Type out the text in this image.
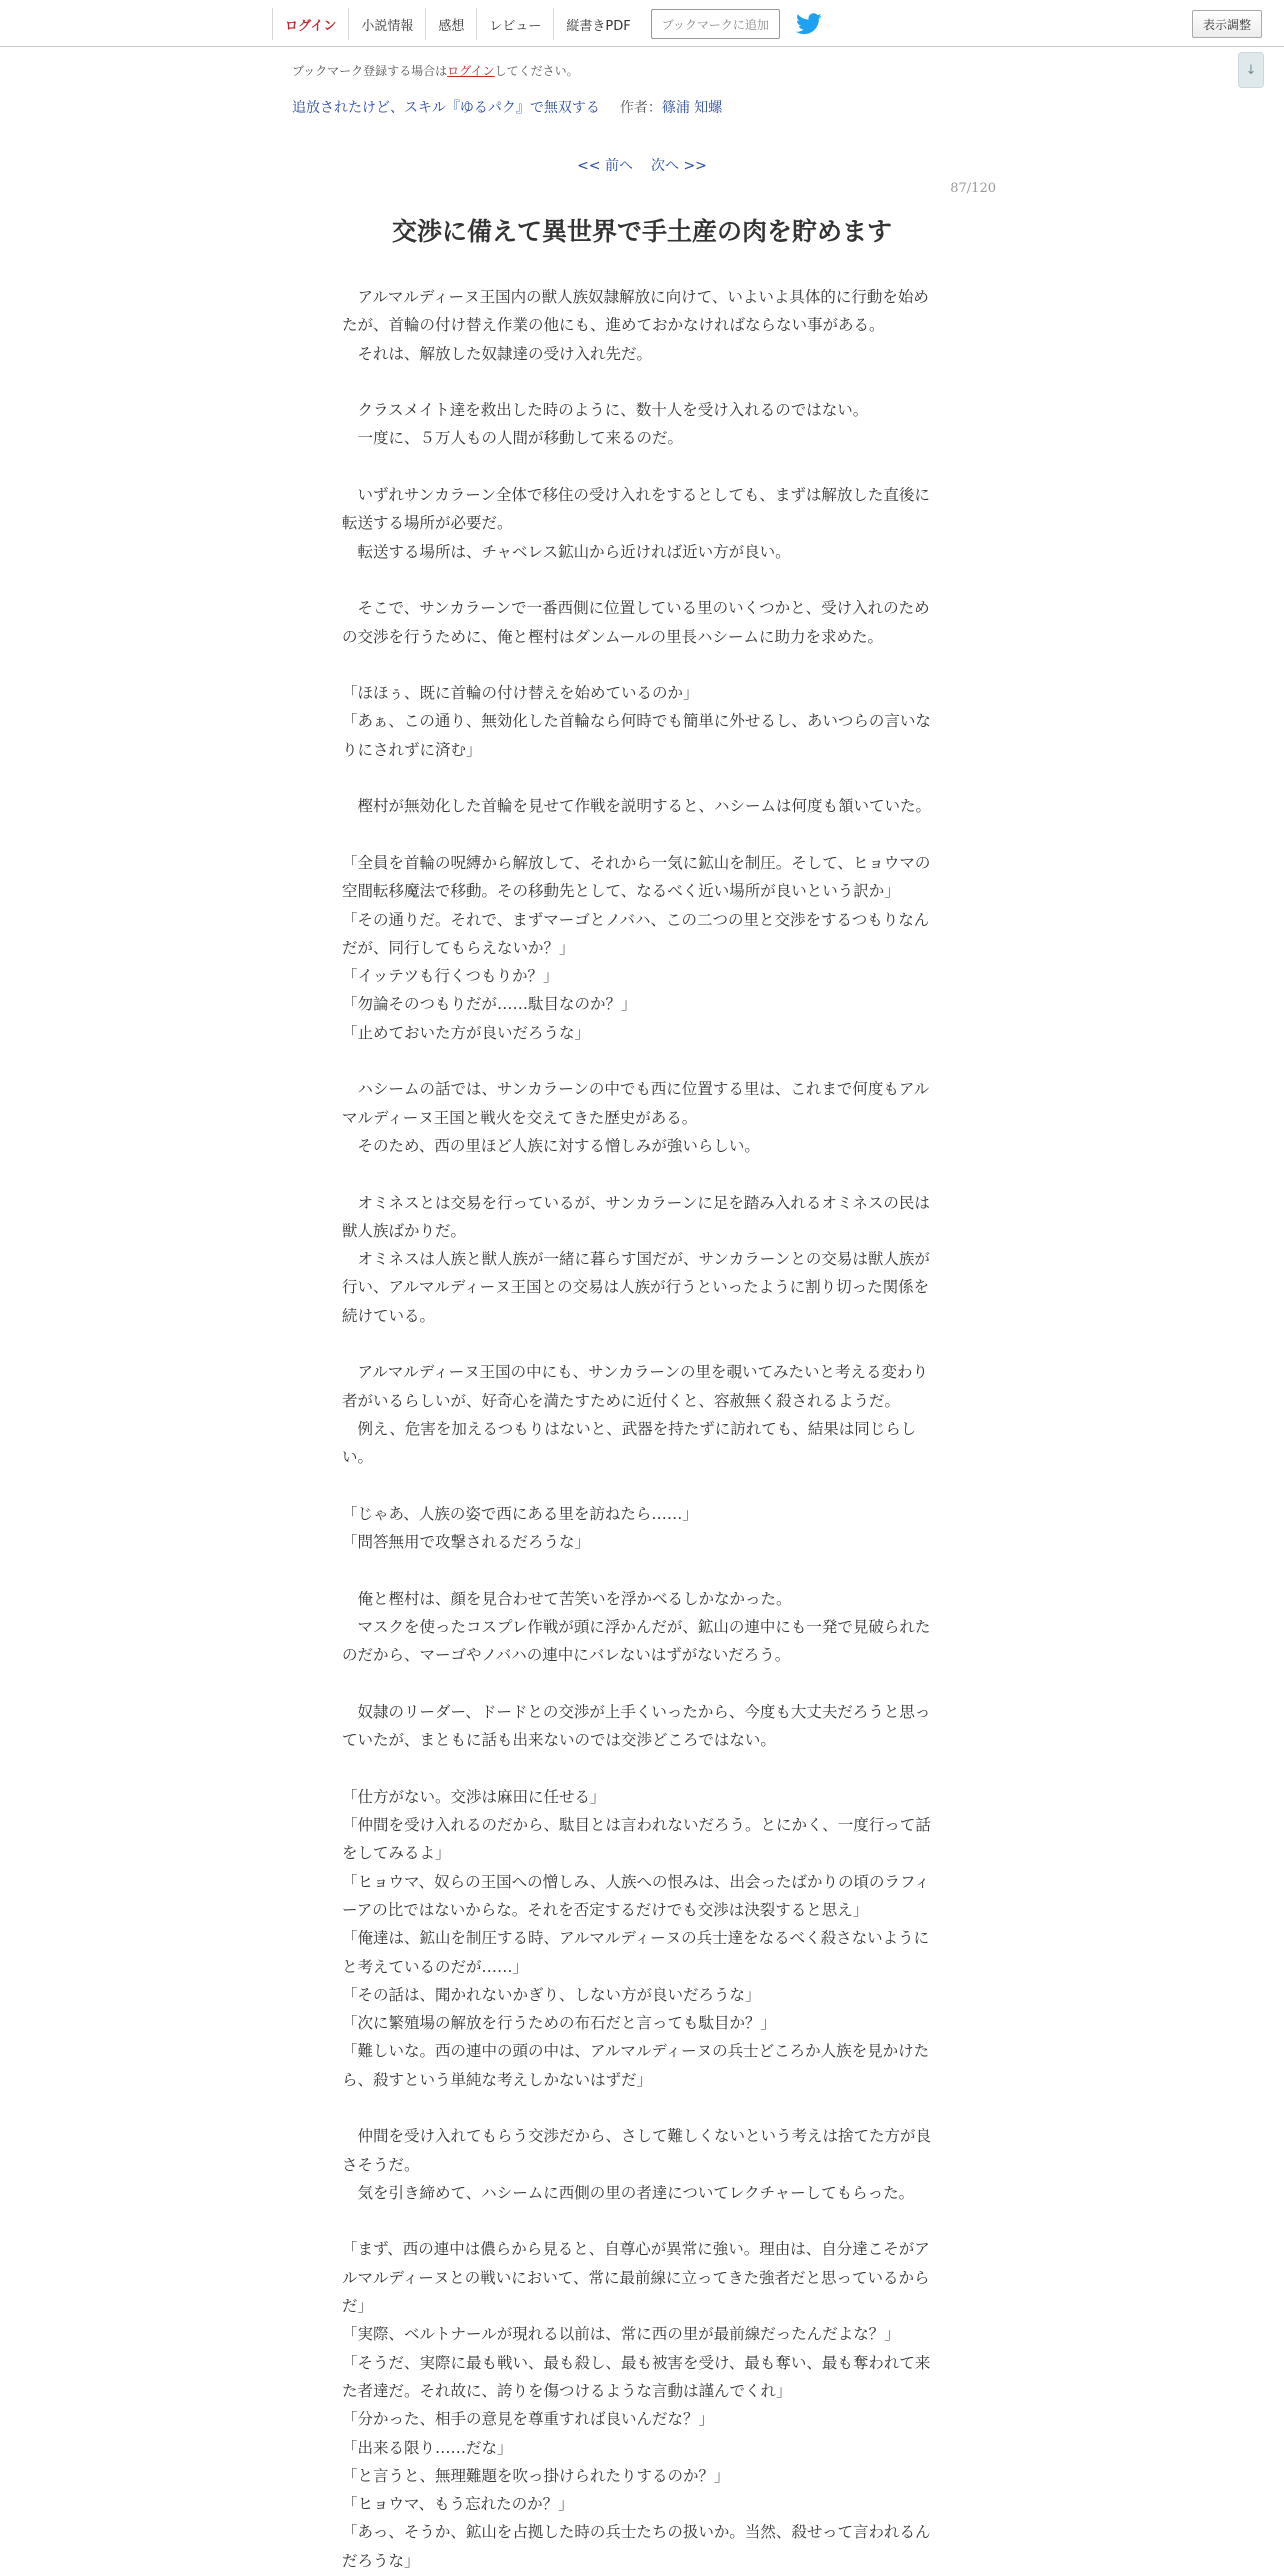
ログイン	小説情報	感想	レビュー	縦書きPDF	ブックマークに追加	表示調整
↓
ブックマーク登録する場合はログインしてください。
追放されたけど、スキル『ゆるパク』で無双する 作者：篠浦 知螺
<< 前へ 次へ >>
87/120
交渉に備えて異世界で手土産の肉を貯めます

　アルマルディーヌ王国内の獣人族奴隷解放に向けて、いよいよ具体的に行動を始めたが、首輪の付け替え作業の他にも、進めておかなければならない事がある。

　それは、解放した奴隷達の受け入れ先だ。

　クラスメイト達を救出した時のように、数十人を受け入れるのではない。

　一度に、５万人もの人間が移動して来るのだ。

　いずれサンカラーン全体で移住の受け入れをするとしても、まずは解放した直後に転送する場所が必要だ。

　転送する場所は、チャベレス鉱山から近ければ近い方が良い。

　そこで、サンカラーンで一番西側に位置している里のいくつかと、受け入れのための交渉を行うために、俺と樫村はダンムールの里長ハシームに助力を求めた。

「ほほぅ、既に首輪の付け替えを始めているのか」

「あぁ、この通り、無効化した首輪なら何時でも簡単に外せるし、あいつらの言いなりにされずに済む」

　樫村が無効化した首輪を見せて作戦を説明すると、ハシームは何度も頷いていた。

「全員を首輪の呪縛から解放して、それから一気に鉱山を制圧。そして、ヒョウマの空間転移魔法で移動。その移動先として、なるべく近い場所が良いという訳か」

「その通りだ。それで、まずマーゴとノバハ、この二つの里と交渉をするつもりなんだが、同行してもらえないか？」

「イッテツも行くつもりか？」

「勿論そのつもりだが……駄目なのか？」

「止めておいた方が良いだろうな」

　ハシームの話では、サンカラーンの中でも西に位置する里は、これまで何度もアルマルディーヌ王国と戦火を交えてきた歴史がある。

　そのため、西の里ほど人族に対する憎しみが強いらしい。

　オミネスとは交易を行っているが、サンカラーンに足を踏み入れるオミネスの民は獣人族ばかりだ。

　オミネスは人族と獣人族が一緒に暮らす国だが、サンカラーンとの交易は獣人族が行い、アルマルディーヌ王国との交易は人族が行うといったように割り切った関係を続けている。

　アルマルディーヌ王国の中にも、サンカラーンの里を覗いてみたいと考える変わり者がいるらしいが、好奇心を満たすために近付くと、容赦無く殺されるようだ。

　例え、危害を加えるつもりはないと、武器を持たずに訪れても、結果は同じらしい。

「じゃあ、人族の姿で西にある里を訪ねたら……」

「問答無用で攻撃されるだろうな」

　俺と樫村は、顔を見合わせて苦笑いを浮かべるしかなかった。

　マスクを使ったコスプレ作戦が頭に浮かんだが、鉱山の連中にも一発で見破られたのだから、マーゴやノバハの連中にバレないはずがないだろう。

　奴隷のリーダー、ドードとの交渉が上手くいったから、今度も大丈夫だろうと思っていたが、まともに話も出来ないのでは交渉どころではない。

「仕方がない。交渉は麻田に任せる」

「仲間を受け入れるのだから、駄目とは言われないだろう。とにかく、一度行って話をしてみるよ」

「ヒョウマ、奴らの王国への憎しみ、人族への恨みは、出会ったばかりの頃のラフィーアの比ではないからな。それを否定するだけでも交渉は決裂すると思え」

「俺達は、鉱山を制圧する時、アルマルディーヌの兵士達をなるべく殺さないようにと考えているのだが……」

「その話は、聞かれないかぎり、しない方が良いだろうな」

「次に繁殖場の解放を行うための布石だと言っても駄目か？」

「難しいな。西の連中の頭の中は、アルマルディーヌの兵士どころか人族を見かけたら、殺すという単純な考えしかないはずだ」

　仲間を受け入れてもらう交渉だから、さして難しくないという考えは捨てた方が良さそうだ。

　気を引き締めて、ハシームに西側の里の者達についてレクチャーしてもらった。

「まず、西の連中は儂らから見ると、自尊心が異常に強い。理由は、自分達こそがアルマルディーヌとの戦いにおいて、常に最前線に立ってきた強者だと思っているからだ」

「実際、ベルトナールが現れる以前は、常に西の里が最前線だったんだよな？」

「そうだ、実際に最も戦い、最も殺し、最も被害を受け、最も奪い、最も奪われて来た者達だ。それ故に、誇りを傷つけるような言動は謹んでくれ」

「分かった、相手の意見を尊重すれば良いんだな？」

「出来る限り……だな」

「と言うと、無理難題を吹っ掛けられたりするのか？」

「ヒョウマ、もう忘れたのか？」

「あっ、そうか、鉱山を占拠した時の兵士たちの扱いか。当然、殺せって言われるんだろうな」
